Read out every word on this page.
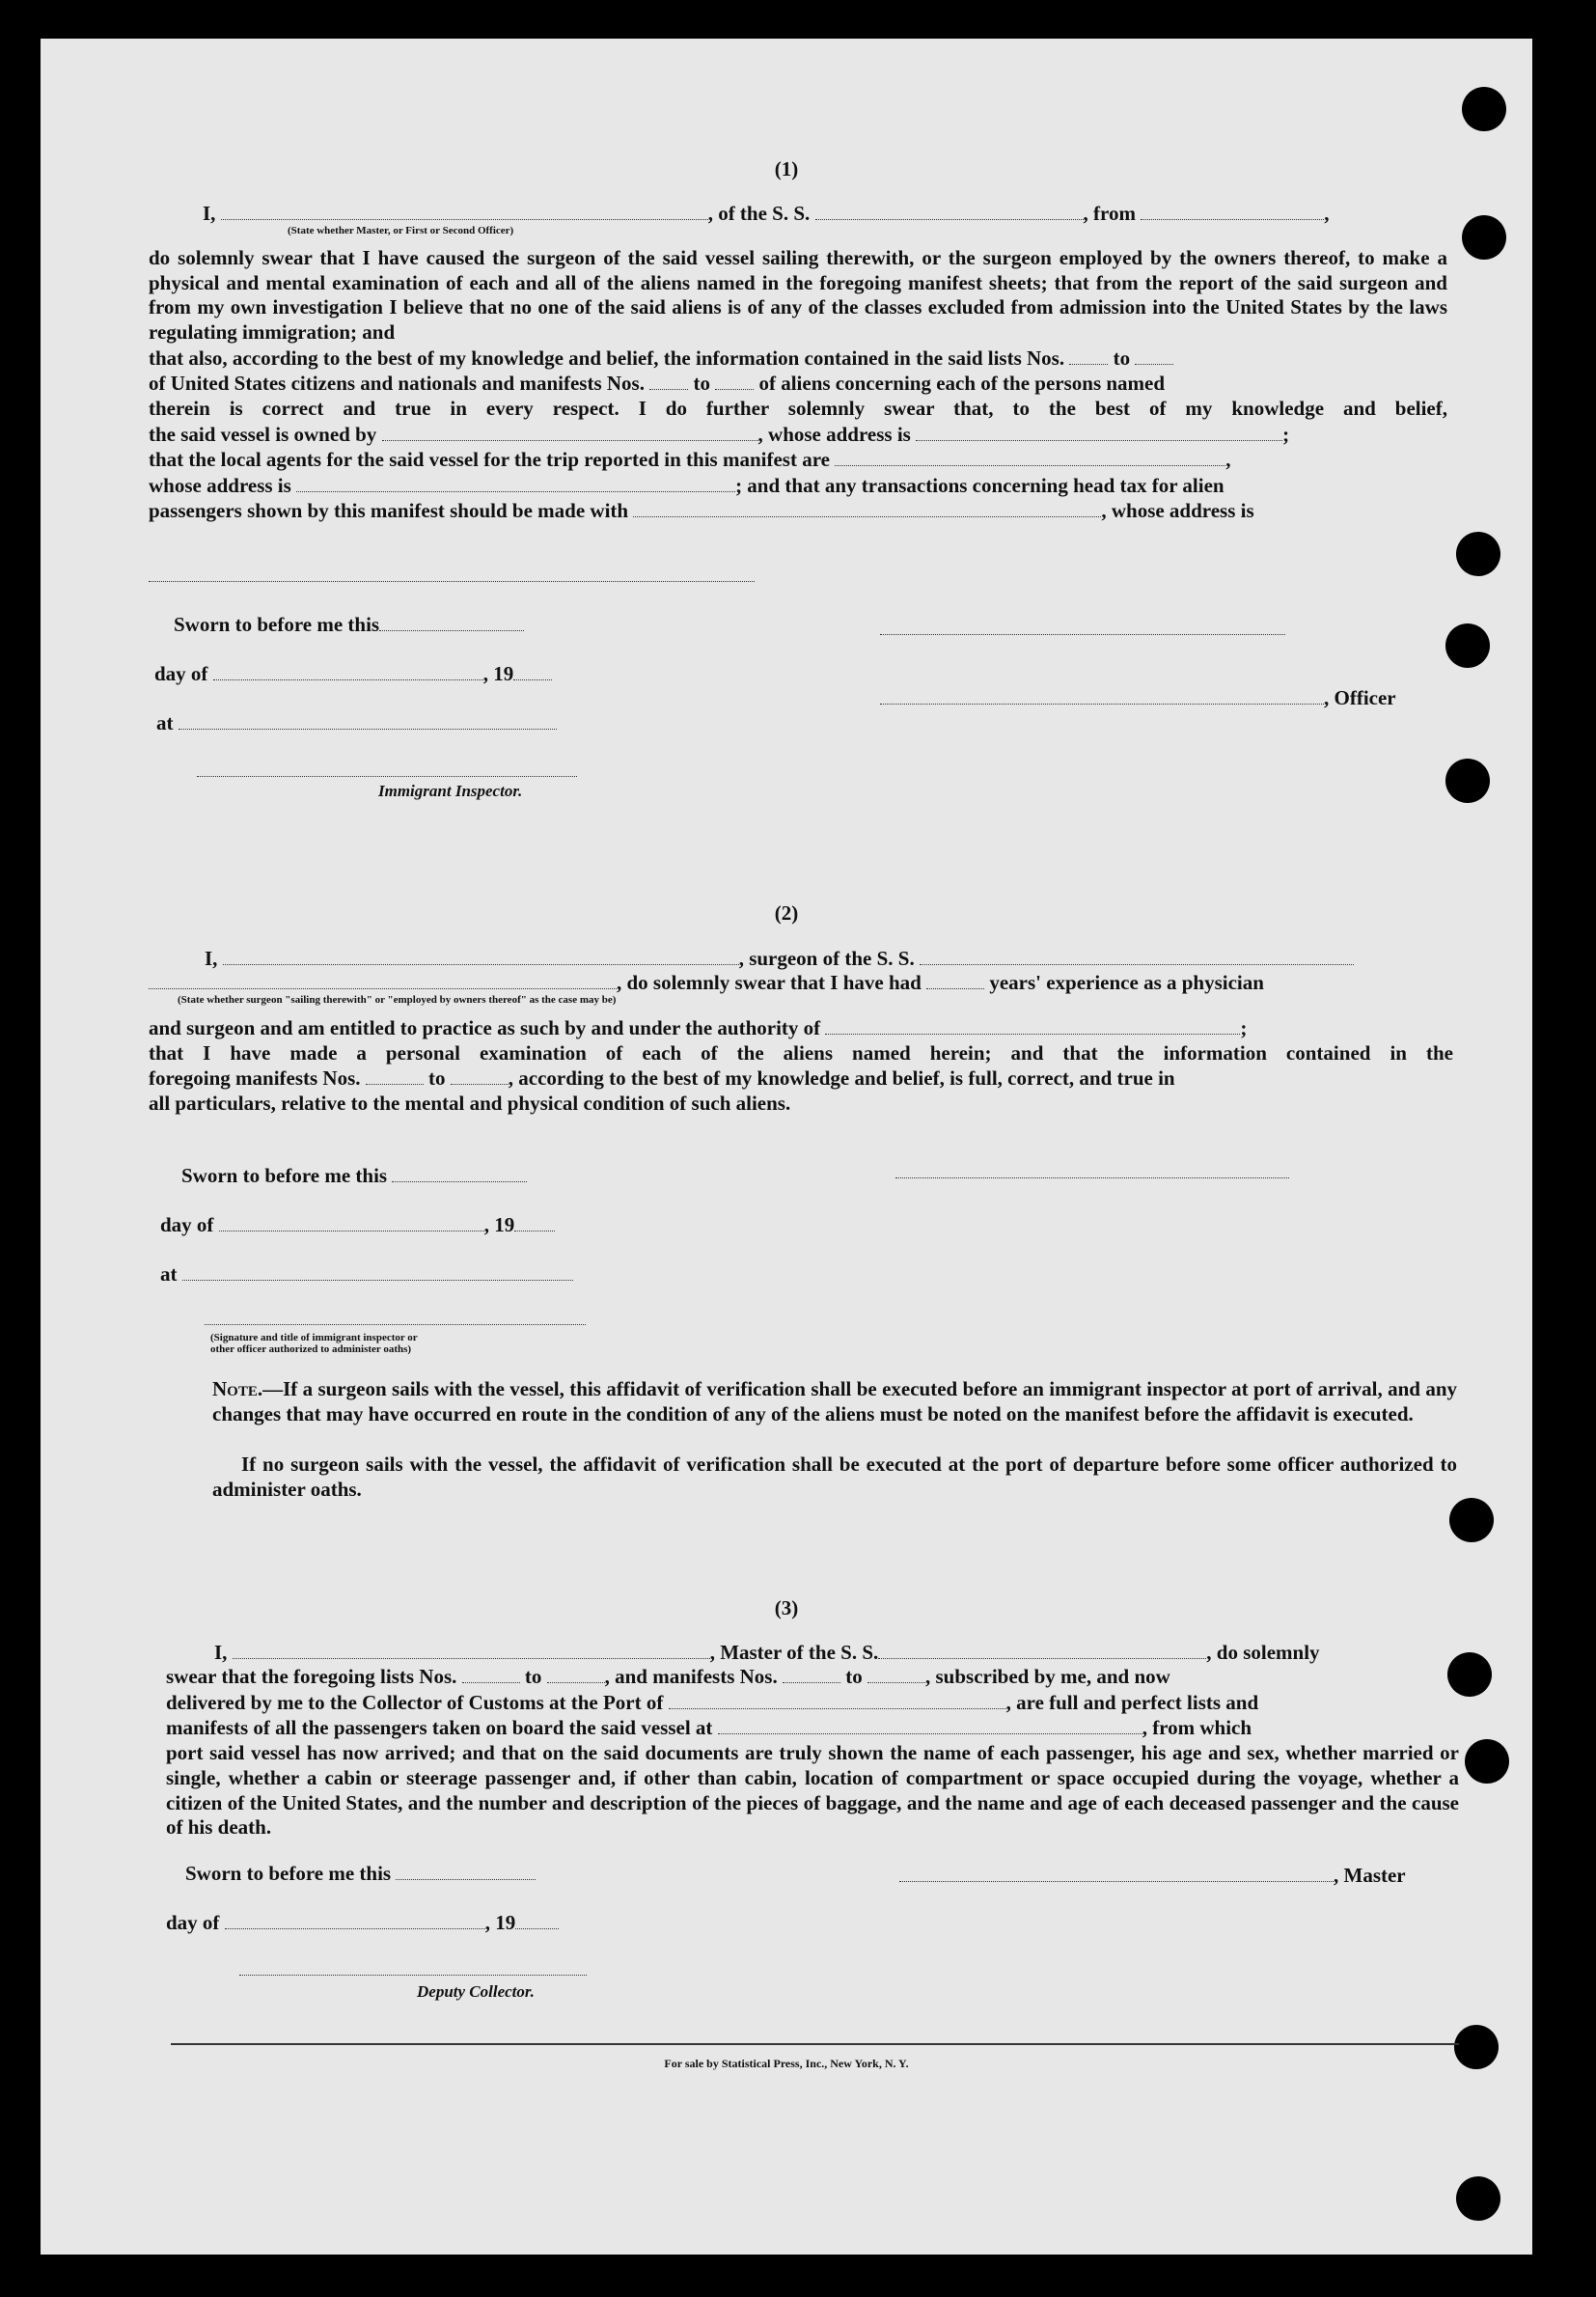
(1)
I,	, of the S. S.	, from	,
(State whether Master, or First or Second Officer)
do solemnly swear that I have caused the surgeon of the said vessel sailing therewith, or the surgeon employed by the owners thereof, to make a physical and mental examination of each and all of the aliens named in the foregoing manifest sheets; that from the report of the said surgeon and from my own investigation I believe that no one of the said aliens is of any of the classes excluded from admission into the United States by the laws regulating immigration; and
that also, according to the best of my knowledge and belief, the information contained in the said lists Nos. to
of United States citizens and nationals and manifests Nos. to of aliens concerning each of the persons named
therein is correct and true in every respect. I do further solemnly swear that, to the best of my knowledge and belief,
the said vessel is owned by	, whose address is	;
that the local agents for the said vessel for the trip reported in this manifest are	,
whose address is	; and that any transactions concerning head tax for alien
passengers shown by this manifest should be made with	, whose address is
Sworn to before me this
day of	, 19
at
Immigrant Inspector.
, Officer
(2)
I,	, surgeon of the S. S.
, do solemnly swear that I have had	years' experience as a physician
(State whether surgeon "sailing therewith" or "employed by owners thereof" as the case may be)
and surgeon and am entitled to practice as such by and under the authority of	;
that I have made a personal examination of each of the aliens named herein; and that the information contained in the
foregoing manifests Nos.	to	, according to the best of my knowledge and belief, is full, correct, and true in
all particulars, relative to the mental and physical condition of such aliens.
Sworn to before me this
day of	, 19
at
(Signature and title of immigrant inspector or
other officer authorized to administer oaths)
Note.—If a surgeon sails with the vessel, this affidavit of verification shall be executed before an immigrant inspector at port of arrival, and any changes that may have occurred en route in the condition of any of the aliens must be noted on the manifest before the affidavit is executed.
If no surgeon sails with the vessel, the affidavit of verification shall be executed at the port of departure before some officer authorized to administer oaths.
(3)
I,	, Master of the S. S.	, do solemnly
swear that the foregoing lists Nos.	to	, and manifests Nos.	to	, subscribed by me, and now
delivered by me to the Collector of Customs at the Port of	, are full and perfect lists and
manifests of all the passengers taken on board the said vessel at	, from which
port said vessel has now arrived; and that on the said documents are truly shown the name of each passenger, his age and sex, whether married or single, whether a cabin or steerage passenger and, if other than cabin, location of compartment or space occupied during the voyage, whether a citizen of the United States, and the number and description of the pieces of baggage, and the name and age of each deceased passenger and the cause of his death.
Sworn to before me this
day of	, 19
Deputy Collector.
, Master
For sale by Statistical Press, Inc., New York, N. Y.
